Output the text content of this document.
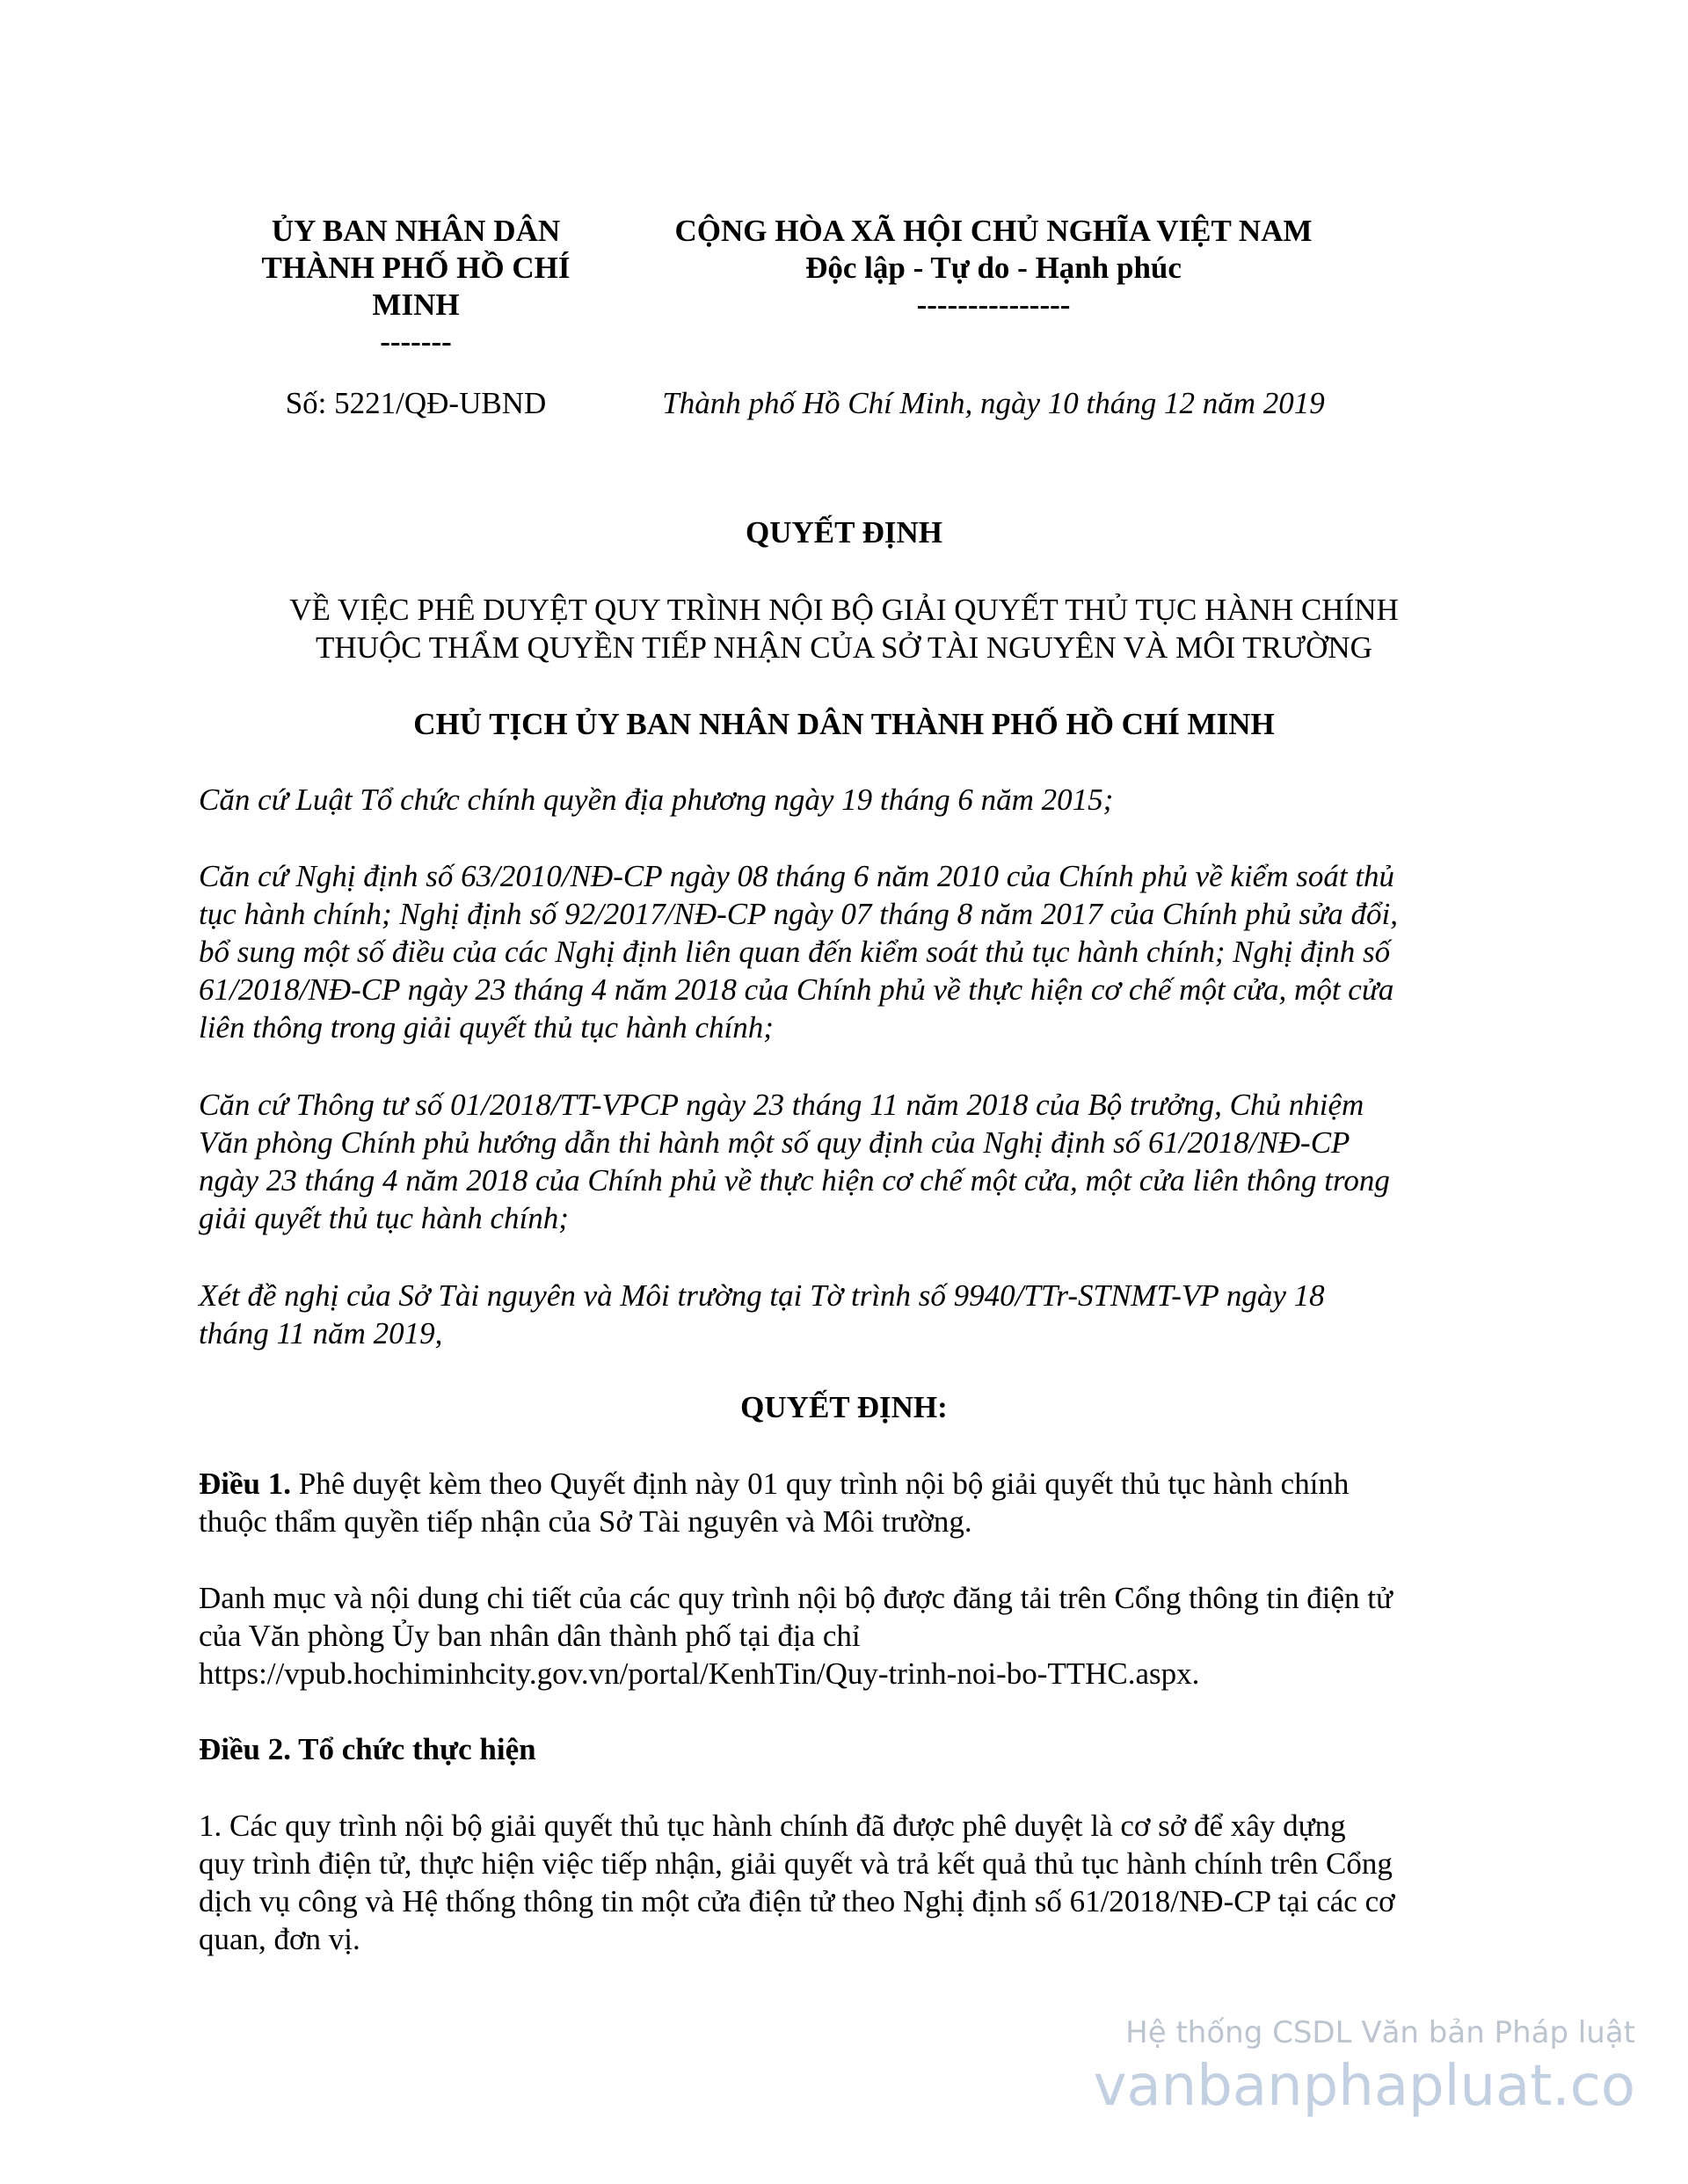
ỦY BAN NHÂN DÂN
THÀNH PHỐ HỒ CHÍ MINH
-------
CỘNG HÒA XÃ HỘI CHỦ NGHĨA VIỆT NAM
Độc lập - Tự do - Hạnh phúc
---------------
Số: 5221/QĐ-UBND	Thành phố Hồ Chí Minh, ngày 10 tháng 12 năm 2019
QUYẾT ĐỊNH
VỀ VIỆC PHÊ DUYỆT QUY TRÌNH NỘI BỘ GIẢI QUYẾT THỦ TỤC HÀNH CHÍNH
THUỘC THẨM QUYỀN TIẾP NHẬN CỦA SỞ TÀI NGUYÊN VÀ MÔI TRƯỜNG
CHỦ TỊCH ỦY BAN NHÂN DÂN THÀNH PHỐ HỒ CHÍ MINH
Căn cứ Luật Tổ chức chính quyền địa phương ngày 19 tháng 6 năm 2015;
Căn cứ Nghị định số 63/2010/NĐ-CP ngày 08 tháng 6 năm 2010 của Chính phủ về kiểm soát thủ
tục hành chính; Nghị định số 92/2017/NĐ-CP ngày 07 tháng 8 năm 2017 của Chính phủ sửa đổi,
bổ sung một số điều của các Nghị định liên quan đến kiểm soát thủ tục hành chính; Nghị định số
61/2018/NĐ-CP ngày 23 tháng 4 năm 2018 của Chính phủ về thực hiện cơ chế một cửa, một cửa
liên thông trong giải quyết thủ tục hành chính;
Căn cứ Thông tư số 01/2018/TT-VPCP ngày 23 tháng 11 năm 2018 của Bộ trưởng, Chủ nhiệm
Văn phòng Chính phủ hướng dẫn thi hành một số quy định của Nghị định số 61/2018/NĐ-CP
ngày 23 tháng 4 năm 2018 của Chính phủ về thực hiện cơ chế một cửa, một cửa liên thông trong
giải quyết thủ tục hành chính;
Xét đề nghị của Sở Tài nguyên và Môi trường tại Tờ trình số 9940/TTr-STNMT-VP ngày 18
tháng 11 năm 2019,
QUYẾT ĐỊNH:
Điều 1. Phê duyệt kèm theo Quyết định này 01 quy trình nội bộ giải quyết thủ tục hành chính
thuộc thẩm quyền tiếp nhận của Sở Tài nguyên và Môi trường.
Danh mục và nội dung chi tiết của các quy trình nội bộ được đăng tải trên Cổng thông tin điện tử
của Văn phòng Ủy ban nhân dân thành phố tại địa chỉ
https://vpub.hochiminhcity.gov.vn/portal/KenhTin/Quy-trinh-noi-bo-TTHC.aspx.
Điều 2. Tổ chức thực hiện
1. Các quy trình nội bộ giải quyết thủ tục hành chính đã được phê duyệt là cơ sở để xây dựng
quy trình điện tử, thực hiện việc tiếp nhận, giải quyết và trả kết quả thủ tục hành chính trên Cổng
dịch vụ công và Hệ thống thông tin một cửa điện tử theo Nghị định số 61/2018/NĐ-CP tại các cơ
quan, đơn vị.
Hệ thống CSDL Văn bản Pháp luật
vanbanphapluat.co
